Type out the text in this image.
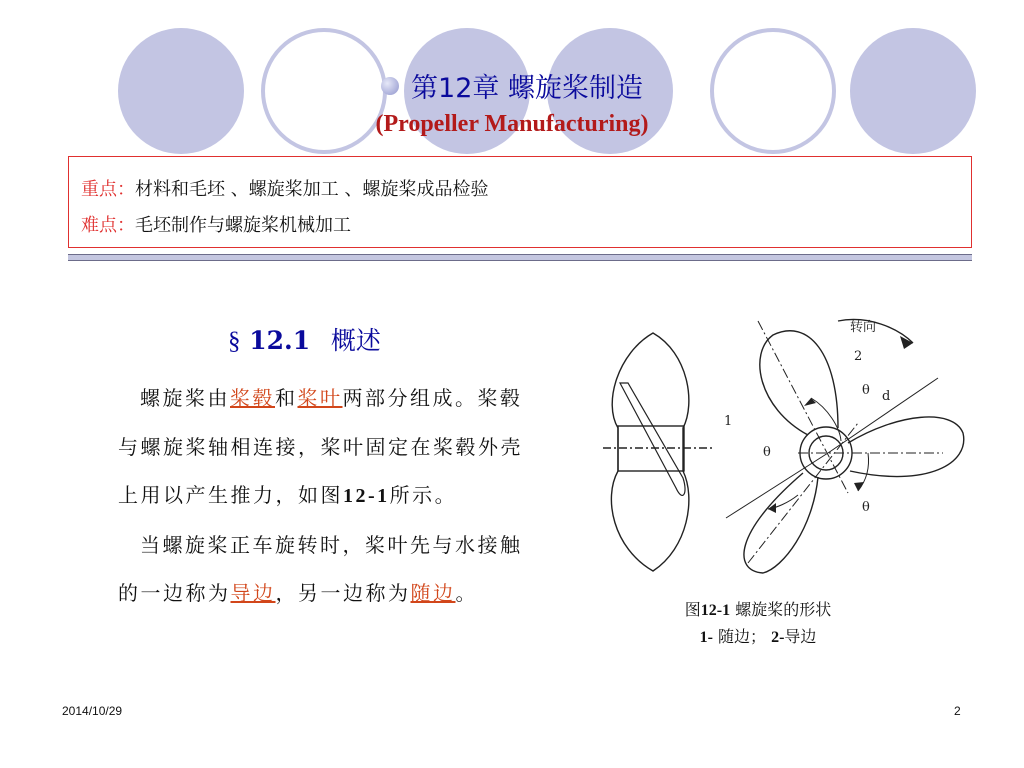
第12章 螺旋桨制造
(Propeller Manufacturing)
重点：材料和毛坯 、螺旋桨加工 、螺旋桨成品检验
难点：毛坯制作与螺旋桨机械加工
§ 12.1 概述
螺旋桨由桨毂和桨叶两部分组成。桨毂与螺旋桨轴相连接，桨叶固定在桨毂外壳上用以产生推力，如图12-1所示。
当螺旋桨正车旋转时，桨叶先与水接触的一边称为导边，另一边称为随边。
转向
1
2
θ d
θ
θ
图12-1 螺旋桨的形状
1- 随边； 2-导边
2014/10/29	2
